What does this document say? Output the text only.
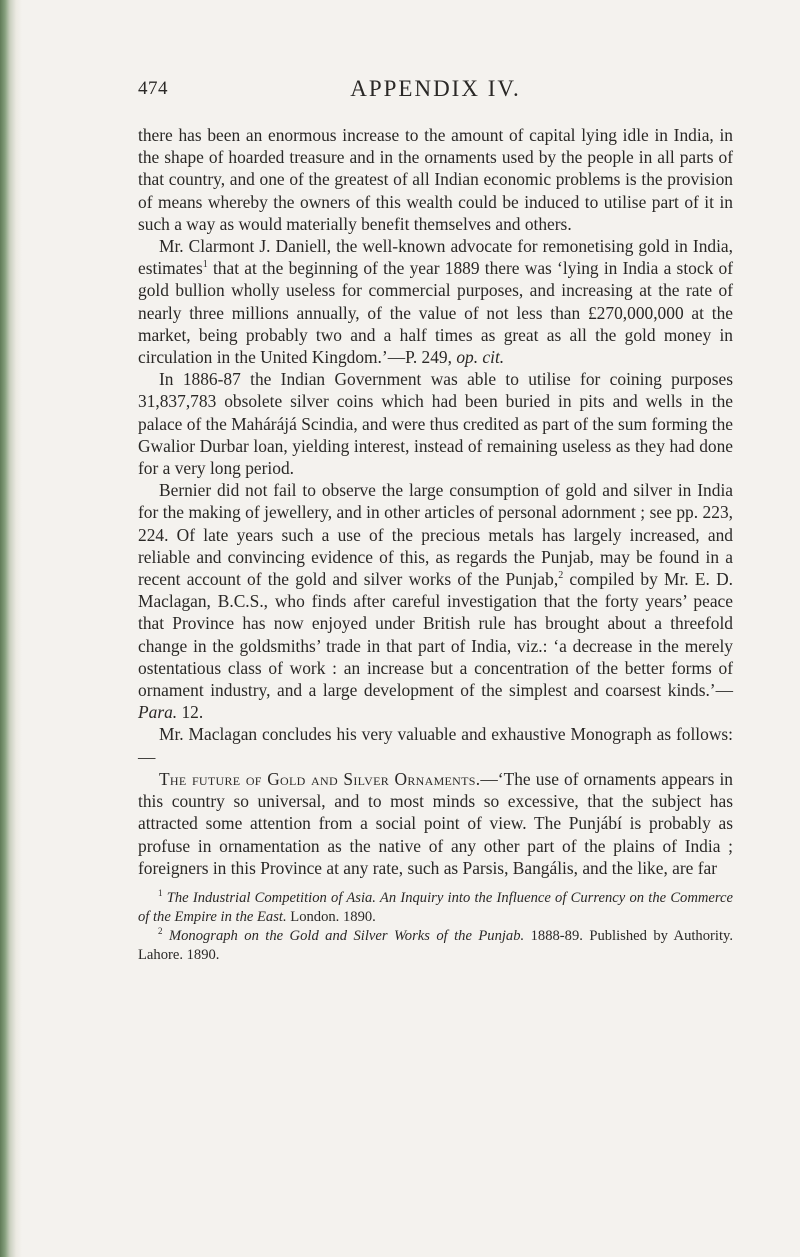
474	APPENDIX IV.

there has been an enormous increase to the amount of capital lying idle in India, in the shape of hoarded treasure and in the ornaments used by the people in all parts of that country, and one of the greatest of all Indian economic problems is the provision of means whereby the owners of this wealth could be induced to utilise part of it in such a way as would materially benefit themselves and others.

Mr. Clarmont J. Daniell, the well-known advocate for remonetising gold in India, estimates$^1$ that at the beginning of the year 1889 there was ‘lying in India a stock of gold bullion wholly useless for commercial purposes, and increasing at the rate of nearly three millions annually, of the value of not less than £270,000,000 at the market, being probably two and a half times as great as all the gold money in circulation in the United Kingdom.’—P. 249, op. cit.

In 1886-87 the Indian Government was able to utilise for coining purposes 31,837,783 obsolete silver coins which had been buried in pits and wells in the palace of the Mahárájá Scindia, and were thus credited as part of the sum forming the Gwalior Durbar loan, yielding interest, instead of remaining useless as they had done for a very long period.

Bernier did not fail to observe the large consumption of gold and silver in India for the making of jewellery, and in other articles of personal adornment ; see pp. 223, 224. Of late years such a use of the precious metals has largely increased, and reliable and convincing evidence of this, as regards the Punjab, may be found in a recent account of the gold and silver works of the Punjab,$^2$ compiled by Mr. E. D. Maclagan, B.C.S., who finds after careful investigation that the forty years’ peace that Province has now enjoyed under British rule has brought about a threefold change in the goldsmiths’ trade in that part of India, viz.: ‘a decrease in the merely ostentatious class of work : an increase but a concentration of the better forms of ornament industry, and a large development of the simplest and coarsest kinds.’—Para. 12.

Mr. Maclagan concludes his very valuable and exhaustive Monograph as follows:—

The future of Gold and Silver Ornaments.—‘The use of ornaments appears in this country so universal, and to most minds so excessive, that the subject has attracted some attention from a social point of view. The Punjábí is probably as profuse in ornamentation as the native of any other part of the plains of India ; foreigners in this Province at any rate, such as Parsis, Bangális, and the like, are far

$^1$ The Industrial Competition of Asia. An Inquiry into the Influence of Currency on the Commerce of the Empire in the East. London. 1890.

$^2$ Monograph on the Gold and Silver Works of the Punjab. 1888-89. Published by Authority. Lahore. 1890.
